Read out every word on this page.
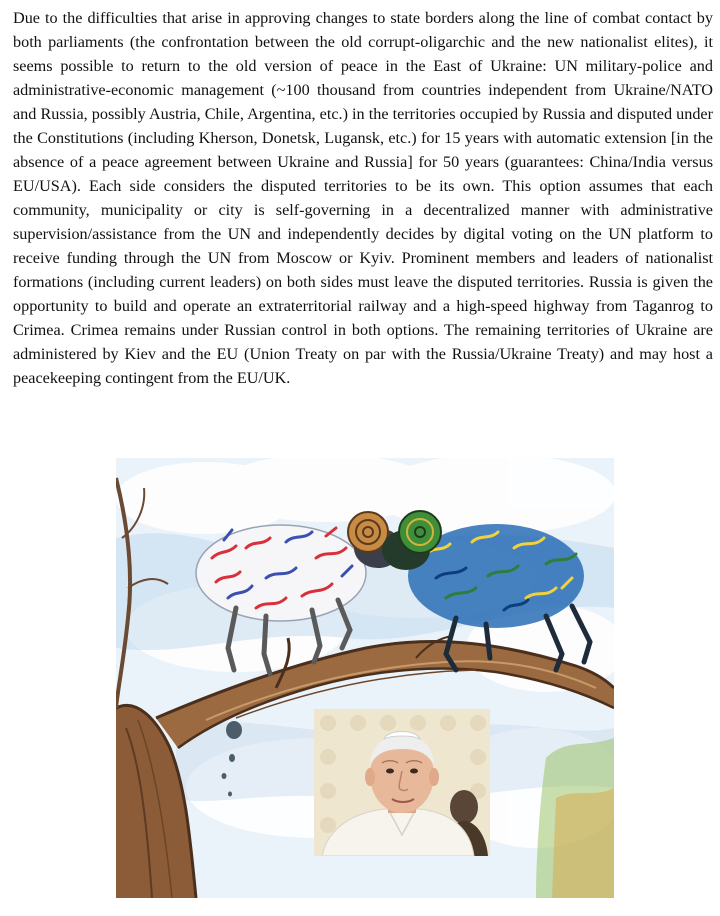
Due to the difficulties that arise in approving changes to state borders along the line of combat contact by both parliaments (the confrontation between the old corrupt-oligarchic and the new nationalist elites), it seems possible to return to the old version of peace in the East of Ukraine: UN military-police and administrative-economic management (~100 thousand from countries independent from Ukraine/NATO and Russia, possibly Austria, Chile, Argentina, etc.) in the territories occupied by Russia and disputed under the Constitutions (including Kherson, Donetsk, Lugansk, etc.) for 15 years with automatic extension [in the absence of a peace agreement between Ukraine and Russia] for 50 years (guarantees: China/India versus EU/USA). Each side considers the disputed territories to be its own. This option assumes that each community, municipality or city is self-governing in a decentralized manner with administrative supervision/assistance from the UN and independently decides by digital voting on the UN platform to receive funding through the UN from Moscow or Kyiv. Prominent members and leaders of nationalist formations (including current leaders) on both sides must leave the disputed territories. Russia is given the opportunity to build and operate an extraterritorial railway and a high-speed highway from Taganrog to Crimea. Crimea remains under Russian control in both options. The remaining territories of Ukraine are administered by Kiev and the EU (Union Treaty on par with the Russia/Ukraine Treaty) and may host a peacekeeping contingent from the EU/UK.
